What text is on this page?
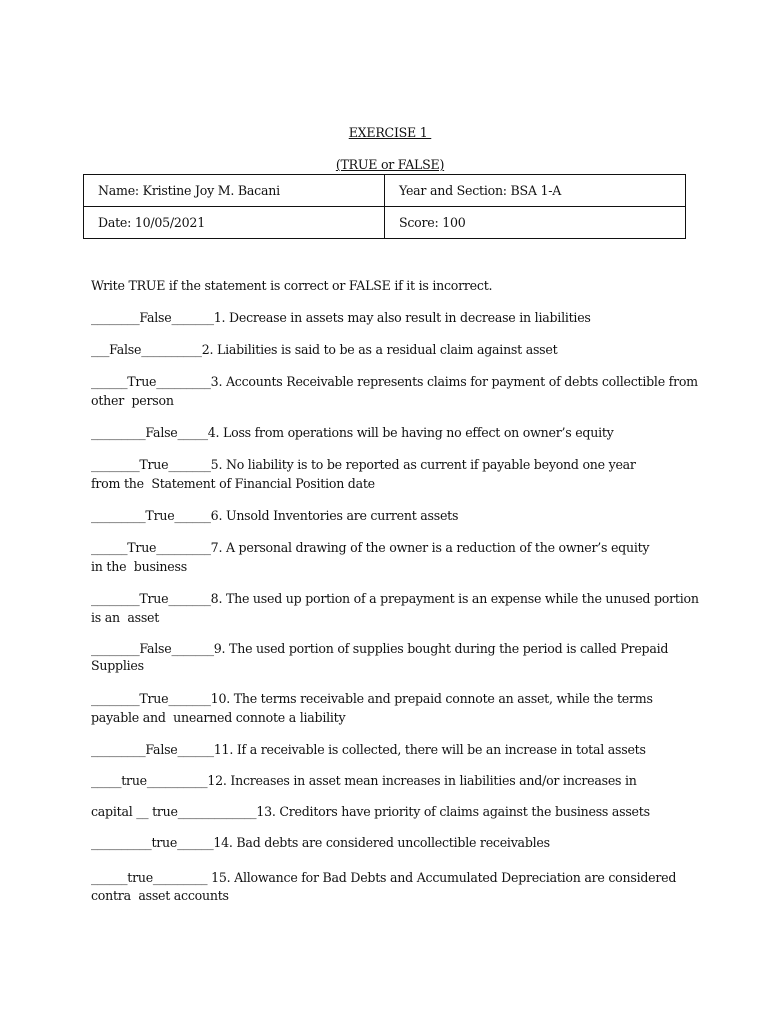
EXERCISE 1
(TRUE or FALSE)
Name: Kristine Joy M. Bacani	Year and Section: BSA 1-A
Date: 10/05/2021	Score: 100
Write TRUE if the statement is correct or FALSE if it is incorrect.
________False_______1. Decrease in assets may also result in decrease in liabilities
___False__________2. Liabilities is said to be as a residual claim against asset
______True_________3. Accounts Receivable represents claims for payment of debts collectible from
other  person
_________False_____4. Loss from operations will be having no effect on owner’s equity
________True_______5. No liability is to be reported as current if payable beyond one year
from the  Statement of Financial Position date
_________True______6. Unsold Inventories are current assets
______True_________7. A personal drawing of the owner is a reduction of the owner’s equity
in the  business
________True_______8. The used up portion of a prepayment is an expense while the unused portion
is an  asset
________False_______9. The used portion of supplies bought during the period is called Prepaid
Supplies
________True_______10. The terms receivable and prepaid connote an asset, while the terms
payable and  unearned connote a liability
_________False______11. If a receivable is collected, there will be an increase in total assets
_____true__________12. Increases in asset mean increases in liabilities and/or increases in
capital __ true_____________13. Creditors have priority of claims against the business assets
__________true______14. Bad debts are considered uncollectible receivables
______true_________ 15. Allowance for Bad Debts and Accumulated Depreciation are considered
contra  asset accounts
